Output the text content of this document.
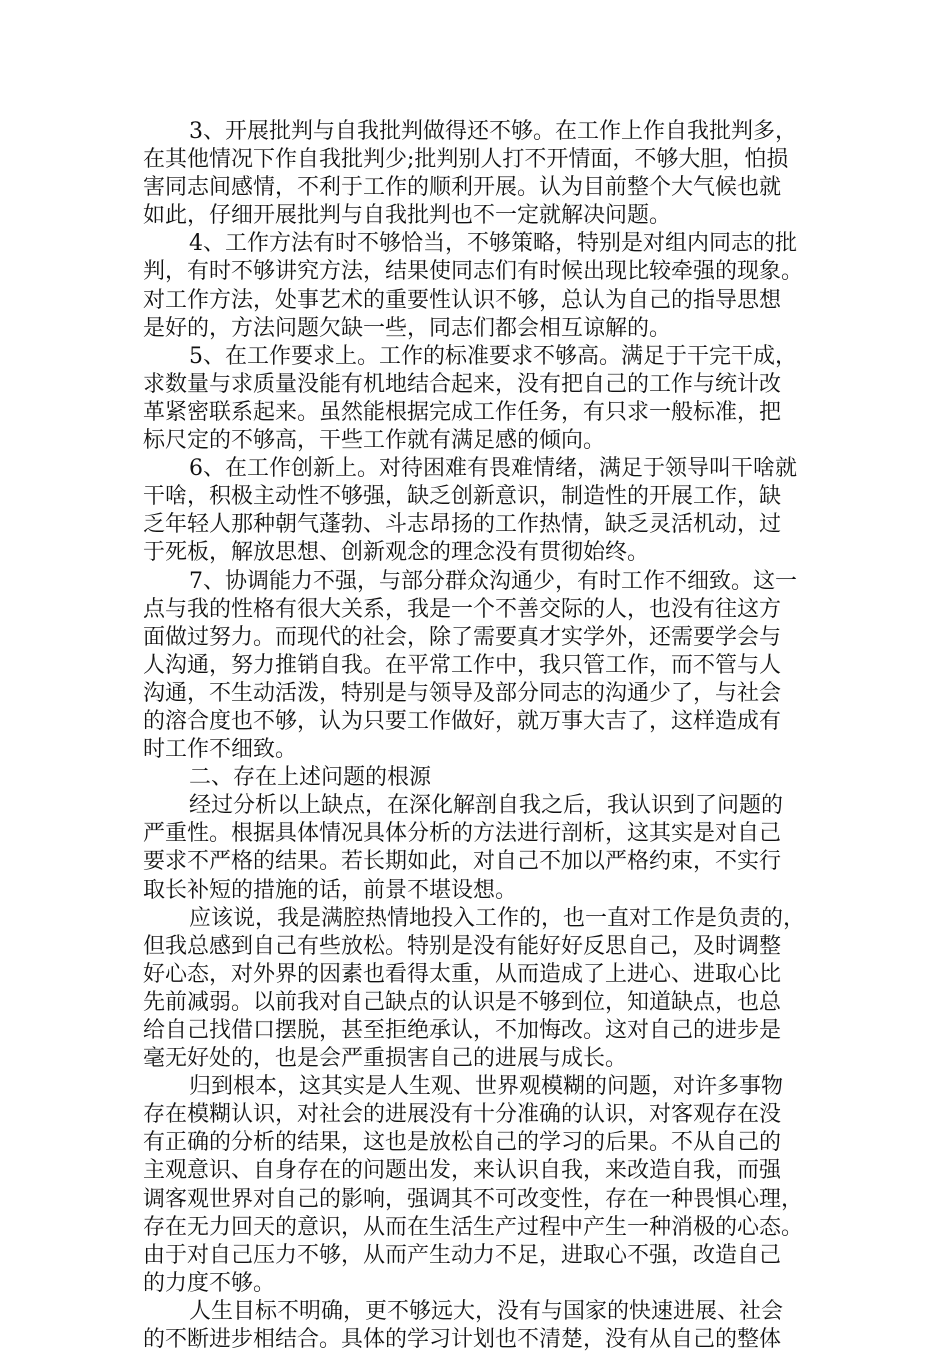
3、开展批判与自我批判做得还不够。在工作上作自我批判多，
在其他情况下作自我批判少;批判别人打不开情面，不够大胆，怕损
害同志间感情，不利于工作的顺利开展。认为目前整个大气候也就
如此，仔细开展批判与自我批判也不一定就解决问题。
4、工作方法有时不够恰当，不够策略，特别是对组内同志的批
判，有时不够讲究方法，结果使同志们有时候出现比较牵强的现象。
对工作方法，处事艺术的重要性认识不够，总认为自己的指导思想
是好的，方法问题欠缺一些，同志们都会相互谅解的。
5、在工作要求上。工作的标准要求不够高。满足于干完干成，
求数量与求质量没能有机地结合起来，没有把自己的工作与统计改
革紧密联系起来。虽然能根据完成工作任务，有只求一般标准，把
标尺定的不够高，干些工作就有满足感的倾向。
6、在工作创新上。对待困难有畏难情绪，满足于领导叫干啥就
干啥，积极主动性不够强，缺乏创新意识，制造性的开展工作，缺
乏年轻人那种朝气蓬勃、斗志昂扬的工作热情，缺乏灵活机动，过
于死板，解放思想、创新观念的理念没有贯彻始终。
7、协调能力不强，与部分群众沟通少，有时工作不细致。这一
点与我的性格有很大关系，我是一个不善交际的人，也没有往这方
面做过努力。而现代的社会，除了需要真才实学外，还需要学会与
人沟通，努力推销自我。在平常工作中，我只管工作，而不管与人
沟通，不生动活泼，特别是与领导及部分同志的沟通少了，与社会
的溶合度也不够，认为只要工作做好，就万事大吉了，这样造成有
时工作不细致。
二、存在上述问题的根源
经过分析以上缺点，在深化解剖自我之后，我认识到了问题的
严重性。根据具体情况具体分析的方法进行剖析，这其实是对自己
要求不严格的结果。若长期如此，对自己不加以严格约束，不实行
取长补短的措施的话，前景不堪设想。
应该说，我是满腔热情地投入工作的，也一直对工作是负责的，
但我总感到自己有些放松。特别是没有能好好反思自己，及时调整
好心态，对外界的因素也看得太重，从而造成了上进心、进取心比
先前减弱。以前我对自己缺点的认识是不够到位，知道缺点，也总
给自己找借口摆脱，甚至拒绝承认，不加悔改。这对自己的进步是
毫无好处的，也是会严重损害自己的进展与成长。
归到根本，这其实是人生观、世界观模糊的问题，对许多事物
存在模糊认识，对社会的进展没有十分准确的认识，对客观存在没
有正确的分析的结果，这也是放松自己的学习的后果。不从自己的
主观意识、自身存在的问题出发，来认识自我，来改造自我，而强
调客观世界对自己的影响，强调其不可改变性，存在一种畏惧心理，
存在无力回天的意识，从而在生活生产过程中产生一种消极的心态。
由于对自己压力不够，从而产生动力不足，进取心不强，改造自己
的力度不够。
人生目标不明确，更不够远大，没有与国家的快速进展、社会
的不断进步相结合。具体的学习计划也不清楚，没有从自己的整体
